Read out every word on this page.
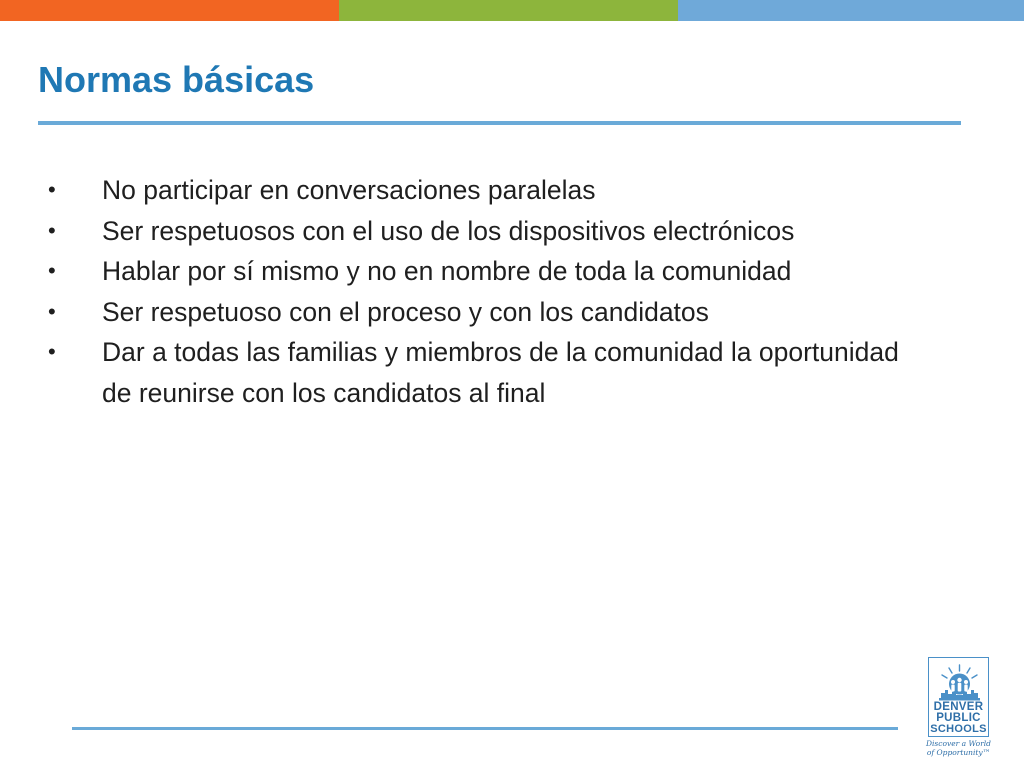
Normas básicas
•	No participar en conversaciones paralelas
•	Ser respetuosos con el uso de los dispositivos electrónicos
•	Hablar por sí mismo y no en nombre de toda la comunidad
•	Ser respetuoso con el proceso y con los candidatos
•	Dar a todas las familias y miembros de la comunidad la oportunidad de reunirse con los candidatos al final
DENVER
PUBLIC
SCHOOLS
Discover a World
of Opportunity™
